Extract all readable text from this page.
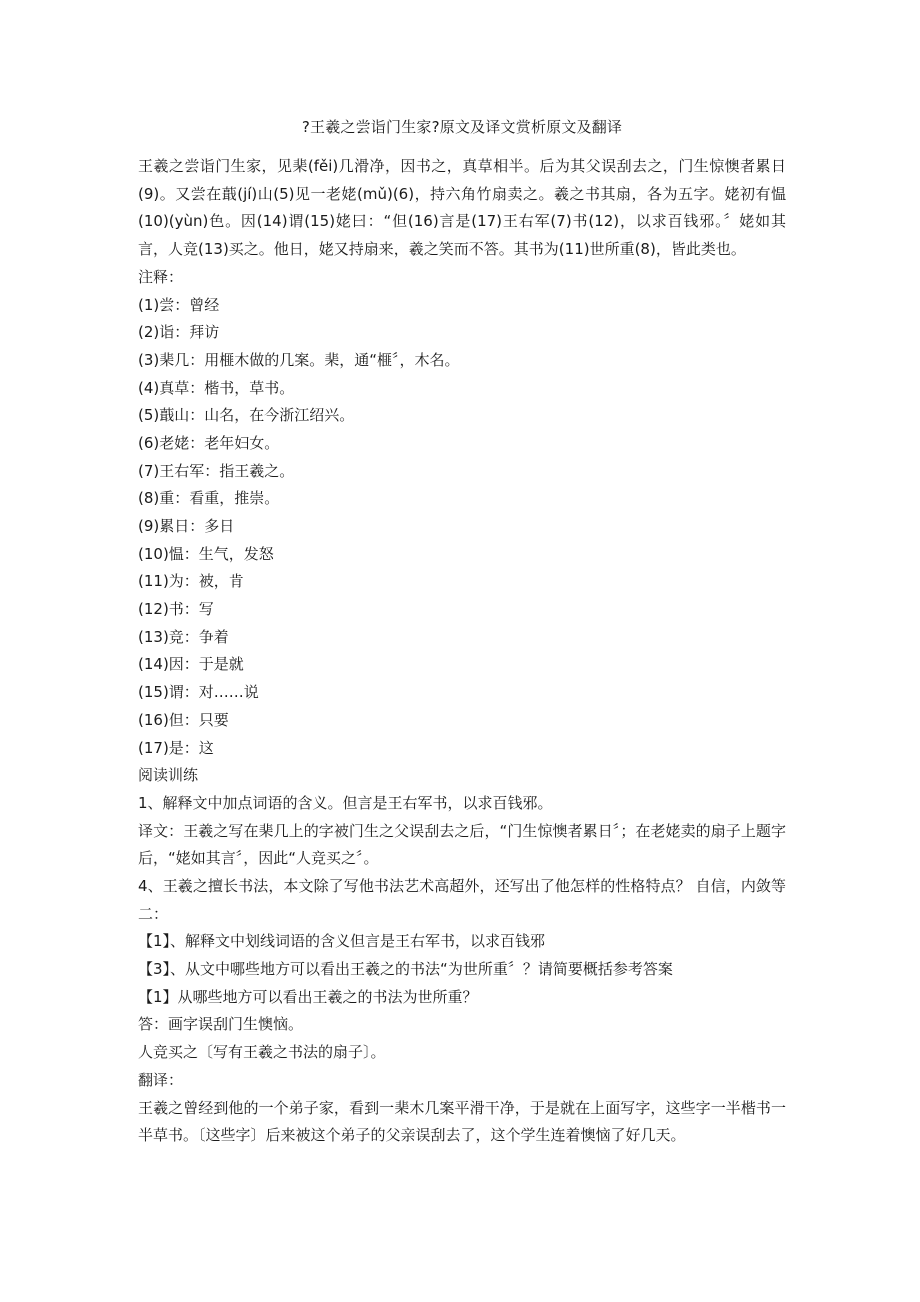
?王羲之尝诣门生家?原文及译文赏析原文及翻译

王羲之尝诣门生家，见棐(fěi)几滑净，因书之，真草相半。后为其父误刮去之，门生惊懊者累日(9)。又尝在蕺(jí)山(5)见一老姥(mǔ)(6)，持六角竹扇卖之。羲之书其扇，各为五字。姥初有愠(10)(yùn)色。因(14)谓(15)姥曰：“但(16)言是(17)王右军(7)书(12)，以求百钱邪。〞姥如其言，人竞(13)买之。他日，姥又持扇来，羲之笑而不答。其书为(11)世所重(8)，皆此类也。

注释：
(1)尝：曾经
(2)诣：拜访
(3)棐几：用榧木做的几案。棐，通“榧〞，木名。
(4)真草：楷书，草书。
(5)蕺山：山名，在今浙江绍兴。
(6)老姥：老年妇女。
(7)王右军：指王羲之。
(8)重：看重，推崇。
(9)累日：多日
(10)愠：生气，发怒
(11)为：被，肯
(12)书：写
(13)竞：争着
(14)因：于是就
(15)谓：对……说
(16)但：只要
(17)是：这
阅读训练

1、解释文中加点词语的含义。但言是王右军书，以求百钱邪。

译文：王羲之写在棐几上的字被门生之父误刮去之后，“门生惊懊者累日〞；在老姥卖的扇子上题字后，“姥如其言〞，因此“人竞买之〞。

4、王羲之擅长书法，本文除了写他书法艺术高超外，还写出了他怎样的性格特点？ 自信，内敛等二：

【1】、解释文中划线词语的含义但言是王右军书，以求百钱邪
【3】、从文中哪些地方可以看出王羲之的书法“为世所重〞？请简要概括参考答案
【1】从哪些地方可以看出王羲之的书法为世所重？
答：画字误刮门生懊恼。
人竞买之〔写有王羲之书法的扇子〕。
翻译：

王羲之曾经到他的一个弟子家，看到一棐木几案平滑干净，于是就在上面写字，这些字一半楷书一半草书。〔这些字〕后来被这个弟子的父亲误刮去了，这个学生连着懊恼了好几天。
